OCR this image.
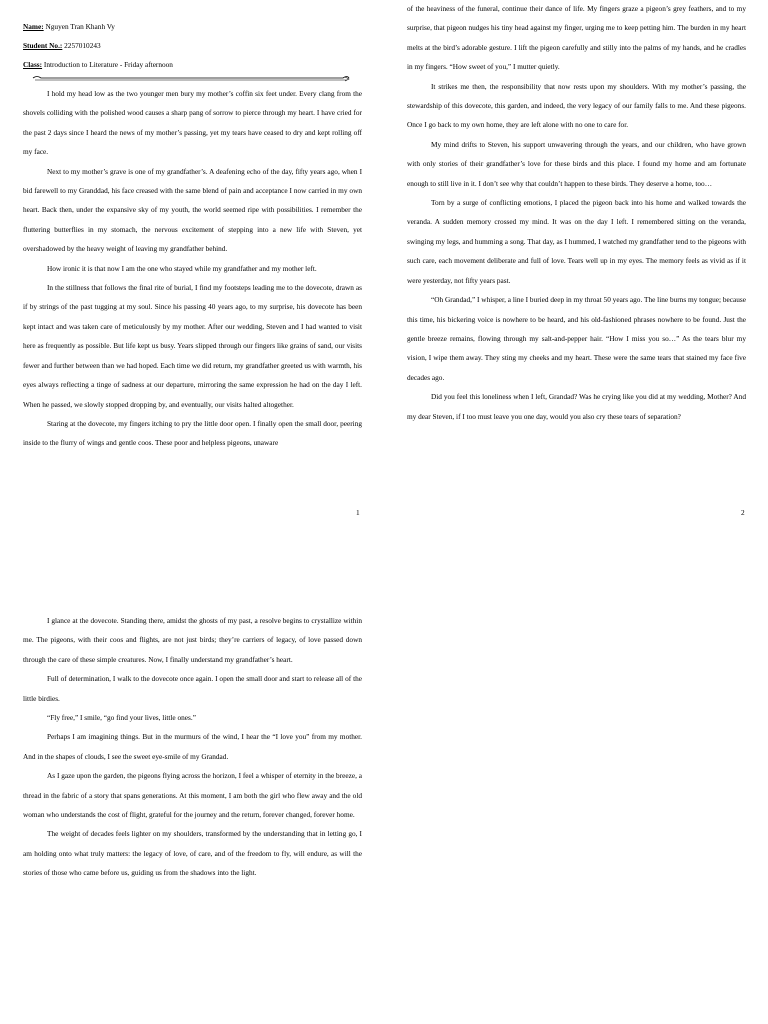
Name: Nguyen Tran Khanh Vy

Student No.: 2257010243

Class: Introduction to Literature - Friday afternoon

I hold my head low as the two younger men bury my mother’s coffin six feet under. Every clang from the shovels colliding with the polished wood causes a sharp pang of sorrow to pierce through my heart. I have cried for the past 2 days since I heard the news of my mother’s passing, yet my tears have ceased to dry and kept rolling off my face.

Next to my mother’s grave is one of my grandfather’s. A deafening echo of the day, fifty years ago, when I bid farewell to my Granddad, his face creased with the same blend of pain and acceptance I now carried in my own heart. Back then, under the expansive sky of my youth, the world seemed ripe with possibilities. I remember the fluttering butterflies in my stomach, the nervous excitement of stepping into a new life with Steven, yet overshadowed by the heavy weight of leaving my grandfather behind.

How ironic it is that now I am the one who stayed while my grandfather and my mother left.

In the stillness that follows the final rite of burial, I find my footsteps leading me to the dovecote, drawn as if by strings of the past tugging at my soul. Since his passing 40 years ago, to my surprise, his dovecote has been kept intact and was taken care of meticulously by my mother. After our wedding, Steven and I had wanted to visit here as frequently as possible. But life kept us busy. Years slipped through our fingers like grains of sand, our visits fewer and further between than we had hoped. Each time we did return, my grandfather greeted us with warmth, his eyes always reflecting a tinge of sadness at our departure, mirroring the same expression he had on the day I left. When he passed, we slowly stopped dropping by, and eventually, our visits halted altogether.

Staring at the dovecote, my fingers itching to pry the little door open. I finally open the small door, peering inside to the flurry of wings and gentle coos. These poor and helpless pigeons, unaware

1

of the heaviness of the funeral, continue their dance of life. My fingers graze a pigeon’s grey feathers, and to my surprise, that pigeon nudges his tiny head against my finger, urging me to keep petting him. The burden in my heart melts at the bird’s adorable gesture. I lift the pigeon carefully and stilly into the palms of my hands, and he cradles in my fingers. “How sweet of you,” I mutter quietly.

It strikes me then, the responsibility that now rests upon my shoulders. With my mother’s passing, the stewardship of this dovecote, this garden, and indeed, the very legacy of our family falls to me. And these pigeons. Once I go back to my own home, they are left alone with no one to care for.

My mind drifts to Steven, his support unwavering through the years, and our children, who have grown with only stories of their grandfather’s love for these birds and this place. I found my home and am fortunate enough to still live in it. I don’t see why that couldn’t happen to these birds. They deserve a home, too…

Torn by a surge of conflicting emotions, I placed the pigeon back into his home and walked towards the veranda. A sudden memory crossed my mind. It was on the day I left. I remembered sitting on the veranda, swinging my legs, and humming a song. That day, as I hummed, I watched my grandfather tend to the pigeons with such care, each movement deliberate and full of love. Tears well up in my eyes. The memory feels as vivid as if it were yesterday, not fifty years past.

“Oh Grandad,” I whisper, a line I buried deep in my throat 50 years ago. The line burns my tongue; because this time, his bickering voice is nowhere to be heard, and his old-fashioned phrases nowhere to be found. Just the gentle breeze remains, flowing through my salt-and-pepper hair. “How I miss you so…” As the tears blur my vision, I wipe them away. They sting my cheeks and my heart. These were the same tears that stained my face five decades ago.

Did you feel this loneliness when I left, Grandad? Was he crying like you did at my wedding, Mother? And my dear Steven, if I too must leave you one day, would you also cry these tears of separation?

2

I glance at the dovecote. Standing there, amidst the ghosts of my past, a resolve begins to crystallize within me. The pigeons, with their coos and flights, are not just birds; they’re carriers of legacy, of love passed down through the care of these simple creatures. Now, I finally understand my grandfather’s heart.

Full of determination, I walk to the dovecote once again. I open the small door and start to release all of the little birdies.

“Fly free,” I smile, “go find your lives, little ones.”

Perhaps I am imagining things. But in the murmurs of the wind, I hear the “I love you” from my mother. And in the shapes of clouds, I see the sweet eye-smile of my Grandad.

As I gaze upon the garden, the pigeons flying across the horizon, I feel a whisper of eternity in the breeze, a thread in the fabric of a story that spans generations. At this moment, I am both the girl who flew away and the old woman who understands the cost of flight, grateful for the journey and the return, forever changed, forever home.

The weight of decades feels lighter on my shoulders, transformed by the understanding that in letting go, I am holding onto what truly matters: the legacy of love, of care, and of the freedom to fly, will endure, as will the stories of those who came before us, guiding us from the shadows into the light.
